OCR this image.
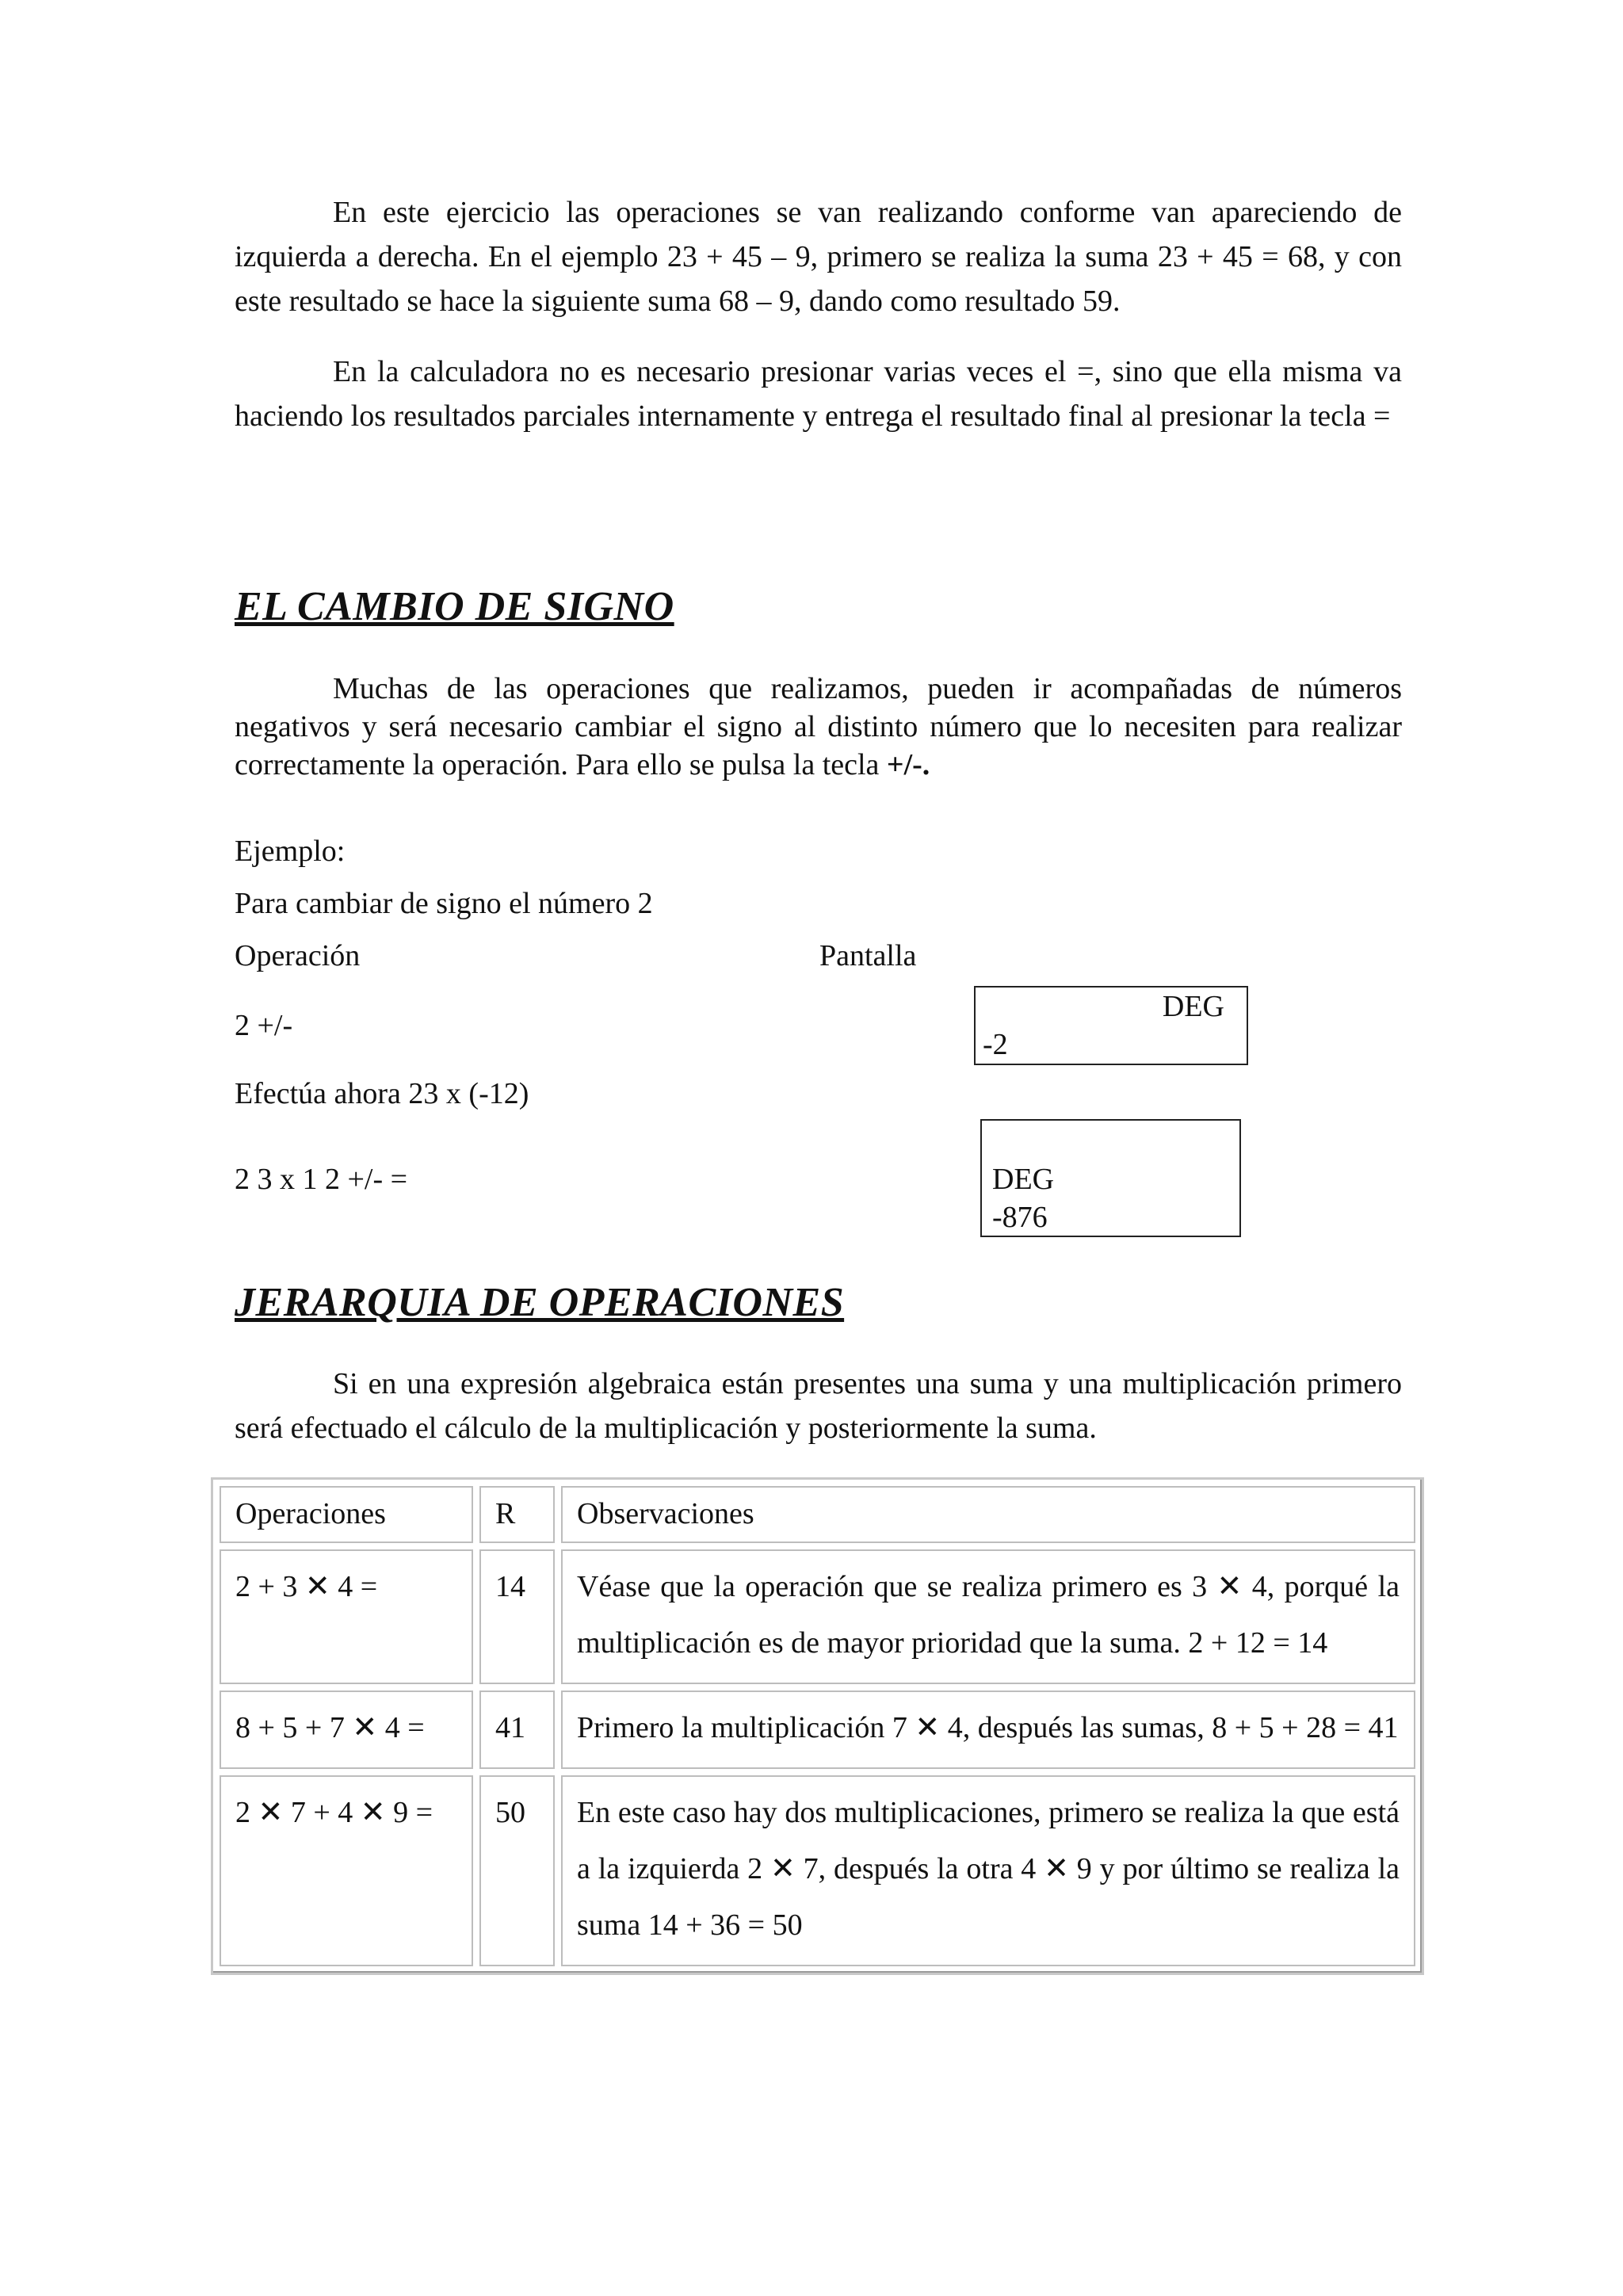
En este ejercicio las operaciones se van realizando conforme van apareciendo de izquierda a derecha. En el ejemplo 23 + 45 – 9, primero se realiza la suma 23 + 45 = 68, y con este resultado se hace la siguiente suma 68 – 9, dando como resultado 59.

En la calculadora no es necesario presionar varias veces el =, sino que ella misma va haciendo los resultados parciales internamente y entrega el resultado final al presionar la tecla =

EL CAMBIO DE SIGNO

Muchas de las operaciones que realizamos, pueden ir acompañadas de números negativos y será necesario cambiar el signo al distinto número que lo necesiten para realizar correctamente la operación. Para ello se pulsa la tecla +/-.

Ejemplo:
Para cambiar de signo el número 2
Operación	Pantalla
2 +/-
DEG
-2
Efectúa ahora 23 x (-12)
2 3 x 1 2 +/- =	DEG
-876
JERARQUIA DE OPERACIONES

Si en una expresión algebraica están presentes una suma y una multiplicación primero será efectuado el cálculo de la multiplicación y posteriormente la suma.

Operaciones	R	Observaciones
2 + 3 ✕ 4 =	14	Véase que la operación que se realiza primero es 3 ✕ 4, porqué la multiplicación es de mayor prioridad que la suma. 2 + 12 = 14
8 + 5 + 7 ✕ 4 =	41	Primero la multiplicación 7 ✕ 4, después las sumas, 8 + 5 + 28 = 41
2 ✕ 7 + 4 ✕ 9 =	50	En este caso hay dos multiplicaciones, primero se realiza la que está a la izquierda 2 ✕ 7, después la otra 4 ✕ 9 y por último se realiza la suma 14 + 36 = 50
